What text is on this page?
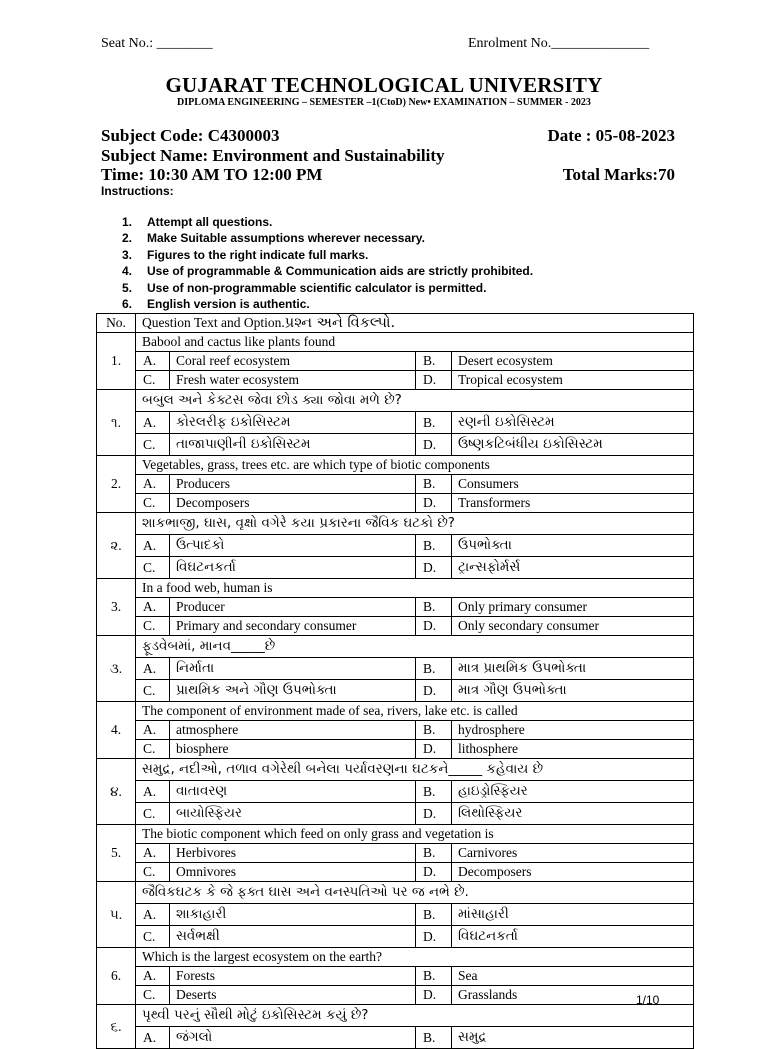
Seat No.: ________	Enrolment No.______________
GUJARAT TECHNOLOGICAL UNIVERSITY
DIPLOMA ENGINEERING – SEMESTER –1(CtoD) New• EXAMINATION – SUMMER - 2023
Subject Code: C4300003	Date : 05-08-2023
Subject Name: Environment and Sustainability
Time: 10:30 AM TO 12:00 PM	Total Marks:70
Instructions:
1. Attempt all questions.
2. Make Suitable assumptions wherever necessary.
3. Figures to the right indicate full marks.
4. Use of programmable & Communication aids are strictly prohibited.
5. Use of non-programmable scientific calculator is permitted.
6. English version is authentic.
No.	Question Text and Option.પ્રશ્ન અને વિકલ્પો.			
1.	Babool and cactus like plants found			
	A.	Coral reef ecosystem	B.	Desert ecosystem
	C.	Fresh water ecosystem	D.	Tropical ecosystem
૧.	બબુલ અને કેક્ટસ જેવા છોડ ક્યા જોવા મળે છે?			
	A.	કોરલરીફ ઇકોસિસ્ટમ	B.	રણની ઇકોસિસ્ટમ
	C.	તાજાપાણીની ઇકોસિસ્ટમ	D.	ઉષ્ણકટિબંધીય ઇકોસિસ્ટમ
2.	Vegetables, grass, trees etc. are which type of biotic components			
	A.	Producers	B.	Consumers
	C.	Decomposers	D.	Transformers
૨.	શાકભાજી, ઘાસ, વૃક્ષો વગેરે કયા પ્રકારના જૈવિક ઘટકો છે?			
	A.	ઉત્પાદકો	B.	ઉપભોક્તા
	C.	વિઘટનકર્તા	D.	ટ્રાન્સફોર્મર્સ
3.	In a food web, human is			
	A.	Producer	B.	Only primary consumer
	C.	Primary and secondary consumer	D.	Only secondary consumer
૩.	ફૂડવેબમાં, માનવ_____છે			
	A.	નિર્માતા	B.	માત્ર પ્રાથમિક ઉપભોક્તા
	C.	પ્રાથમિક અને ગૌણ ઉપભોક્તા	D.	માત્ર ગૌણ ઉપભોક્તા
4.	The component of environment made of sea, rivers, lake etc. is called			
	A.	atmosphere	B.	hydrosphere
	C.	biosphere	D.	lithosphere
૪.	સમુદ્ર, નદીઓ, તળાવ વગેરેથી બનેલા પર્યાવરણના ઘટકને_____ કહેવાય છે			
	A.	વાતાવરણ	B.	હાઇડ્રોસ્ફિયર
	C.	બાયોસ્ફિયર	D.	લિથોસ્ફિયર
5.	The biotic component which feed on only grass and vegetation is			
	A.	Herbivores	B.	Carnivores
	C.	Omnivores	D.	Decomposers
૫.	જૈવિકઘટક કે જે ફક્ત ઘાસ અને વનસ્પતિઓ પર જ નભે છે.			
	A.	શાકાહારી	B.	માંસાહારી
	C.	સર્વભક્ષી	D.	વિઘટનકર્તા
6.	Which is the largest ecosystem on the earth?			
	A.	Forests	B.	Sea
	C.	Deserts	D.	Grasslands
૬.	પૃથ્વી પરનું સૌથી મોટું ઇકોસિસ્ટમ કયું છે?			
	A.	જંગલો	B.	સમુદ્ર
1/10
